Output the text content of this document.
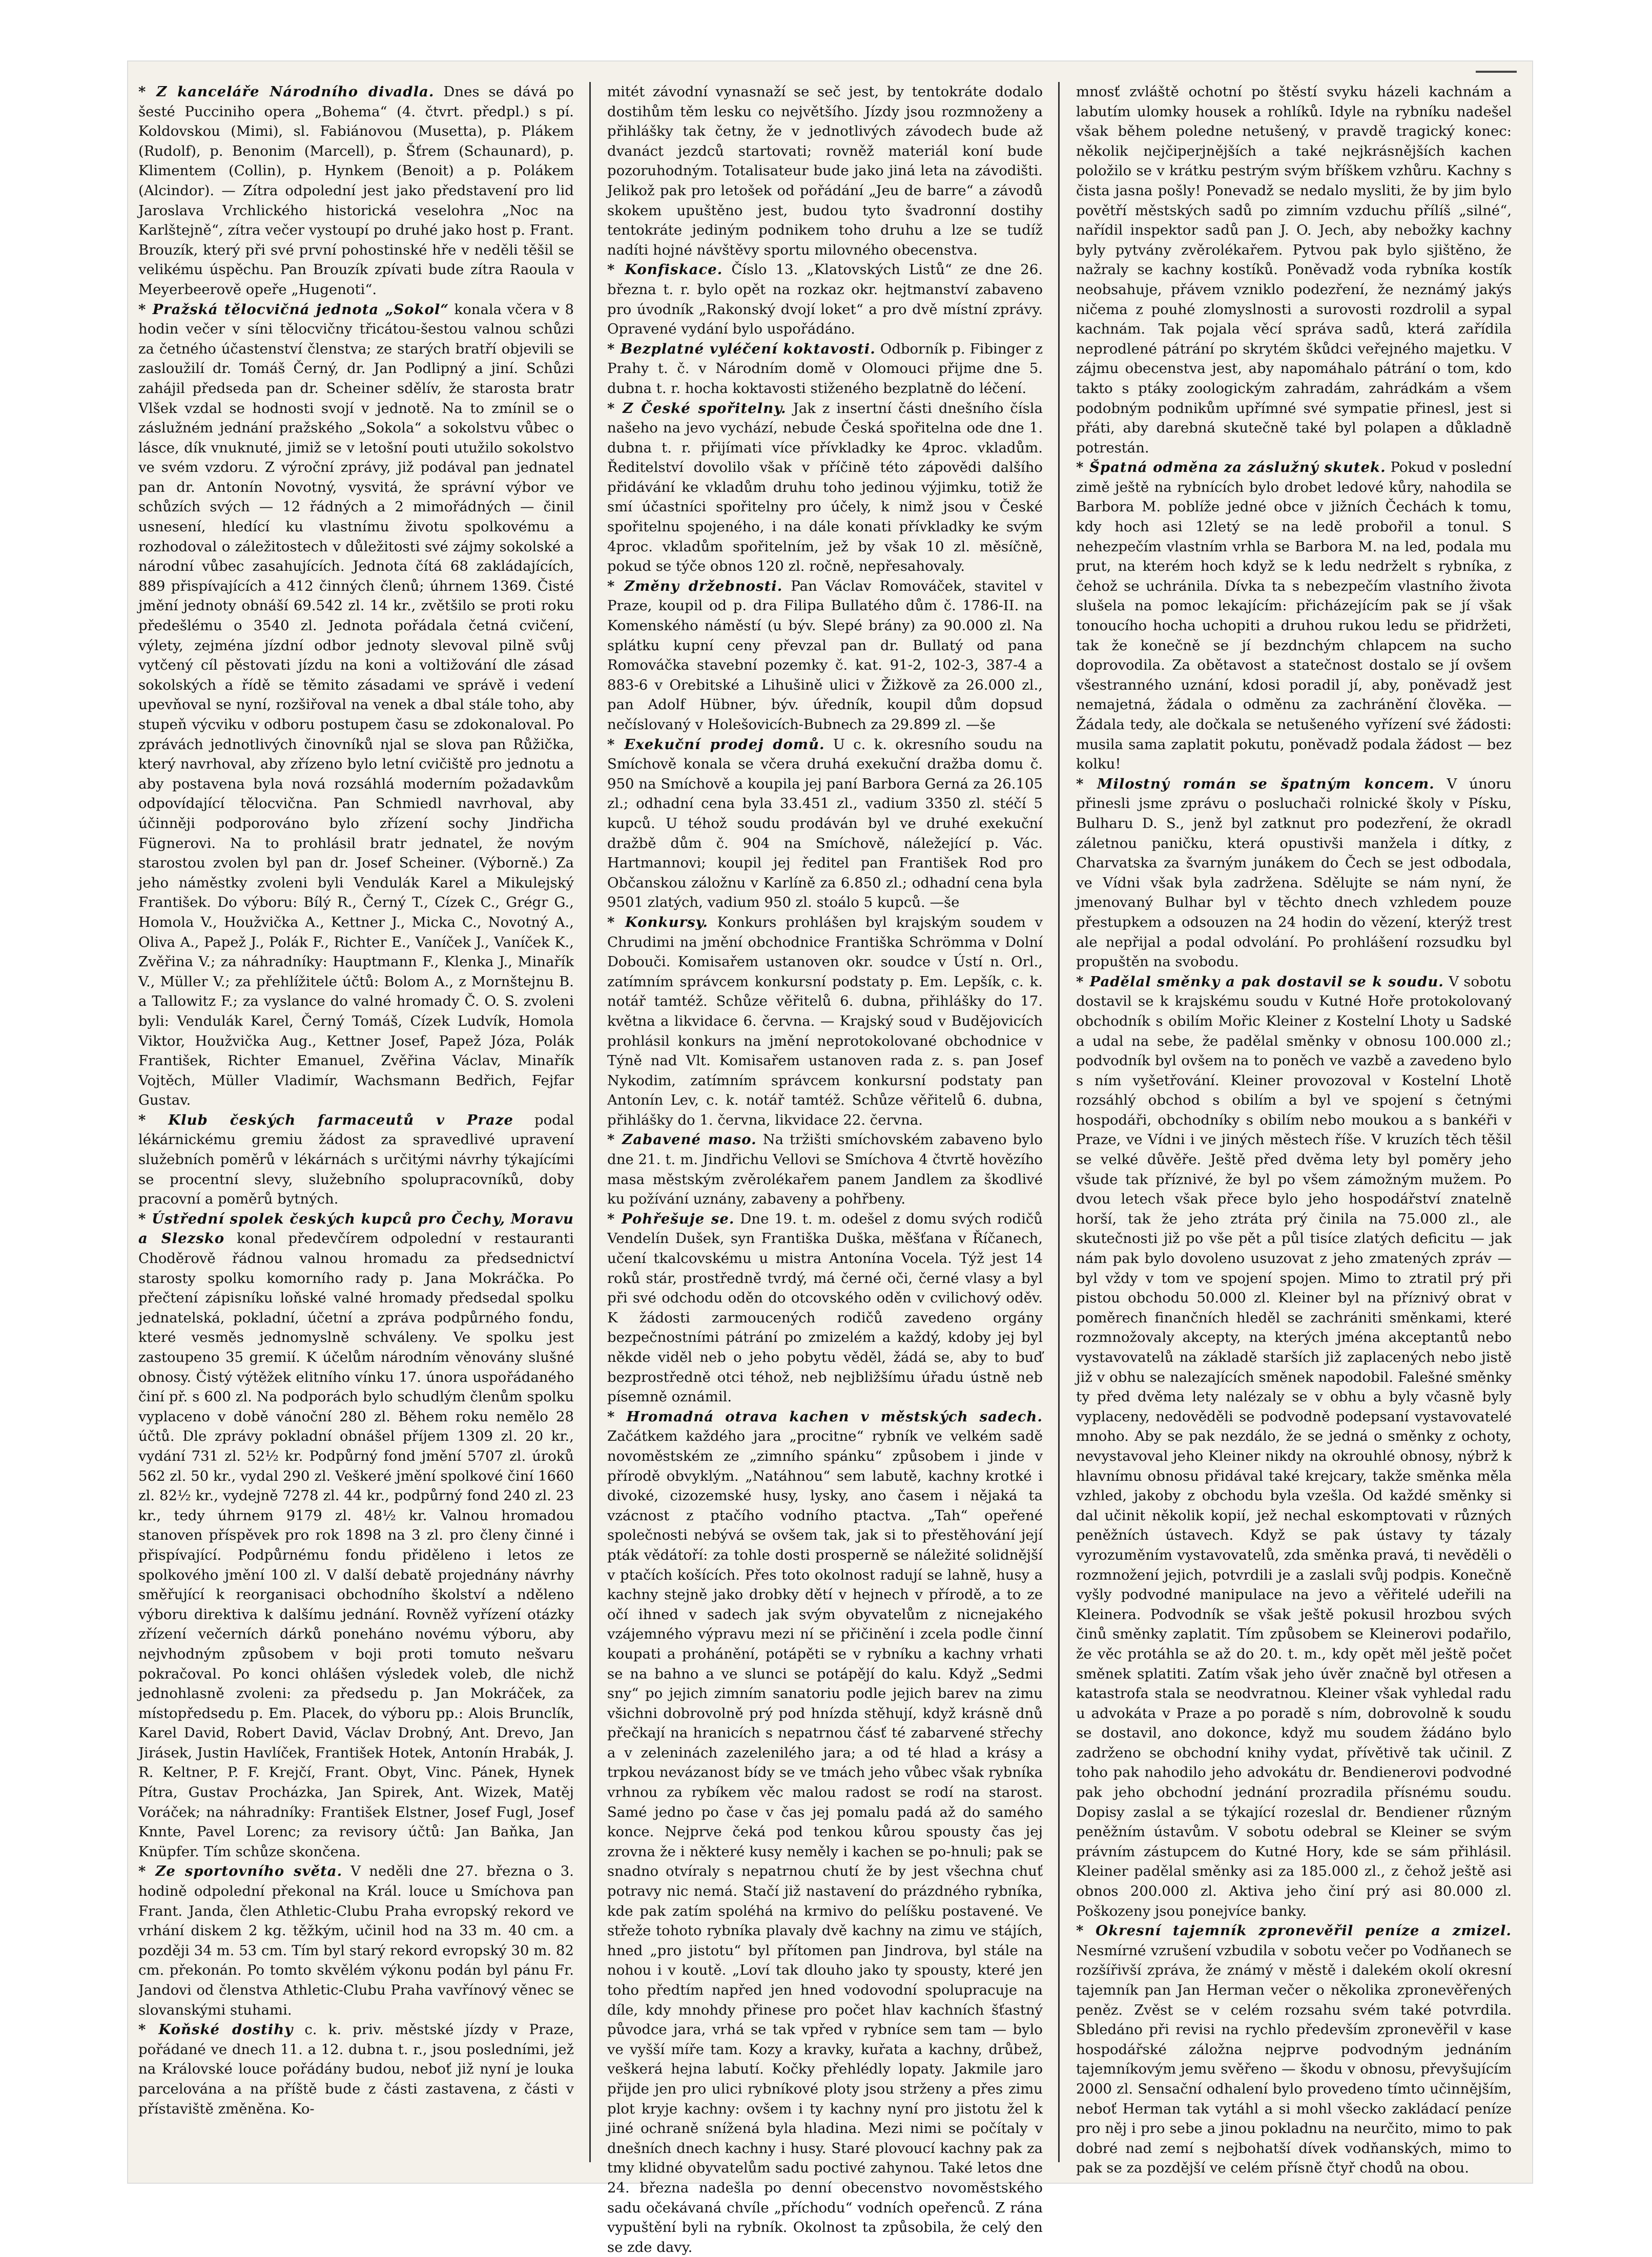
* Z kanceláře Národního divadla. Dnes se dává po šesté Pucciniho opera „Bohema“ (4. čtvrt. předpl.) s pí. Koldovskou (Mimi), sl. Fabiánovou (Musetta), p. Plákem (Rudolf), p. Benonim (Marcell), p. Šťrem (Schaunard), p. Klimentem (Collin), p. Hynkem (Benoit) a p. Polákem (Alcindor). — Zítra odpolední jest jako představení pro lid Jaroslava Vrchlického historická veselohra „Noc na Karlštejně“, zítra večer vystoupí po druhé jako host p. Frant. Brouzík, který při své první pohostinské hře v neděli těšil se velikému úspěchu. Pan Brouzík zpívati bude zítra Raoula v Meyerbeerově opeře „Hugenoti“.

* Pražská tělocvičná jednota „Sokol“ konala včera v 8 hodin večer v síni tělocvičny třicátou-šestou valnou schůzi za četného účastenství členstva; ze starých bratří objevili se zasloužilí dr. Tomáš Černý, dr. Jan Podlipný a jiní. Schůzi zahájil předseda pan dr. Scheiner sdělív, že starosta bratr Vlšek vzdal se hodnosti svojí v jednotě. Na to zmínil se o záslužném jednání pražského „Sokola“ a sokolstvu vůbec o lásce, dík vnuknuté, jimiž se v letošní pouti utužilo sokolstvo ve svém vzdoru. Z výroční zprávy, již podával pan jednatel pan dr. Antonín Novotný, vysvitá, že správní výbor ve schůzích svých — 12 řádných a 2 mimořádných — činil usnesení, hledící ku vlastnímu životu spolkovému a rozhodoval o záležitostech v důležitosti své zájmy sokolské a národní vůbec zasahujících. Jednota čítá 68 zakládajících, 889 přispívajících a 412 činných členů; úhrnem 1369. Čisté jmění jednoty obnáší 69.542 zl. 14 kr., zvětšilo se proti roku předešlému o 3540 zl. Jednota pořádala četná cvičení, výlety, zejména jízdní odbor jednoty slevoval pilně svůj vytčený cíl pěstovati jízdu na koni a voltižování dle zásad sokolských a řídě se těmito zásadami ve správě i vedení upevňoval se nyní, rozšiřoval na venek a dbal stále toho, aby stupeň výcviku v odboru postupem času se zdokonaloval. Po zprávách jednotlivých činovníků njal se slova pan Růžička, který navrhoval, aby zřízeno bylo letní cvičiště pro jednotu a aby postavena byla nová rozsáhlá moderním požadavkům odpovídající tělocvična. Pan Schmiedl navrhoval, aby účinněji podporováno bylo zřízení sochy Jindřicha Fügnerovi. Na to prohlásil bratr jednatel, že novým starostou zvolen byl pan dr. Josef Scheiner. (Výborně.) Za jeho náměstky zvoleni byli Vendulák Karel a Mikulejský František. Do výboru: Bílý R., Černý T., Cízek C., Grégr G., Homola V., Houžvička A., Kettner J., Micka C., Novotný A., Oliva A., Papež J., Polák F., Richter E., Vaníček J., Vaníček K., Zvěřina V.; za náhradníky: Hauptmann F., Klenka J., Minařík V., Müller V.; za přehlížitele účtů: Bolom A., z Mornštejnu B. a Tallowitz F.; za vyslance do valné hromady Č. O. S. zvoleni byli: Vendulák Karel, Černý Tomáš, Cízek Ludvík, Homola Viktor, Houžvička Aug., Kettner Josef, Papež Józa, Polák František, Richter Emanuel, Zvěřina Václav, Minařík Vojtěch, Müller Vladimír, Wachsmann Bedřich, Fejfar Gustav.

* Klub českých farmaceutů v Praze podal lékárnickému gremiu žádost za spravedlivé upravení služebních poměrů v lékárnách s určitými návrhy týkajícími se procentní slevy, služebního spolupracovníků, doby pracovní a poměrů bytných.

* Ústřední spolek českých kupců pro Čechy, Moravu a Slezsko konal předevčírem odpolední v restauranti Choděrově řádnou valnou hromadu za předsednictví starosty spolku komorního rady p. Jana Mokráčka. Po přečtení zápisníku loňské valné hromady předsedal spolku jednatelská, pokladní, účetní a zpráva podpůrného fondu, které vesměs jednomyslně schváleny. Ve spolku jest zastoupeno 35 gremií. K účelům národním věnovány slušné obnosy. Čistý výtěžek elitního vínku 17. února uspořádaného činí př. s 600 zl. Na podporách bylo schudlým členům spolku vyplaceno v době vánoční 280 zl. Během roku nemělo 28 účtů. Dle zprávy pokladní obnášel příjem 1309 zl. 20 kr., vydání 731 zl. 52½ kr. Podpůrný fond jmění 5707 zl. úroků 562 zl. 50 kr., vydal 290 zl. Veškeré jmění spolkové činí 1660 zl. 82½ kr., vydejně 7278 zl. 44 kr., podpůrný fond 240 zl. 23 kr., tedy úhrnem 9179 zl. 48½ kr. Valnou hromadou stanoven příspěvek pro rok 1898 na 3 zl. pro členy činné i přispívající. Podpůrnému fondu přiděleno i letos ze spolkového jmění 100 zl. V další debatě projednány návrhy směřující k reorganisaci obchodního školství a nděleno výboru direktiva k dalšímu jednání. Rovněž vyřízení otázky zřízení večerních dárků poneháno novému výboru, aby nejvhodným způsobem v boji proti tomuto nešvaru pokračoval. Po konci ohlášen výsledek voleb, dle nichž jednohlasně zvoleni: za předsedu p. Jan Mokráček, za místopředsedu p. Em. Placek, do výboru pp.: Alois Brunclík, Karel David, Robert David, Václav Drobný, Ant. Drevo, Jan Jirásek, Justin Havlíček, František Hotek, Antonín Hrabák, J. R. Keltner, P. F. Krejčí, Frant. Obyt, Vinc. Pánek, Hynek Pítra, Gustav Procházka, Jan Spirek, Ant. Wizek, Matěj Voráček; na náhradníky: František Elstner, Josef Fugl, Josef Knnte, Pavel Lorenc; za revisory účtů: Jan Baňka, Jan Knüpfer. Tím schůze skončena.

* Ze sportovního světa. V neděli dne 27. března o 3. hodině odpolední překonal na Král. louce u Smíchova pan Frant. Janda, člen Athletic-Clubu Praha evropský rekord ve vrhání diskem 2 kg. těžkým, učinil hod na 33 m. 40 cm. a později 34 m. 53 cm. Tím byl starý rekord evropský 30 m. 82 cm. překonán. Po tomto skvělém výkonu podán byl pánu Fr. Jandovi od členstva Athletic-Clubu Praha vavřínový věnec se slovanskými stuhami.

* Koňské dostihy c. k. priv. městské jízdy v Praze, pořádané ve dnech 11. a 12. dubna t. r., jsou posledními, jež na Královské louce pořádány budou, neboť již nyní je louka parcelována a na příště bude z části zastavena, z části v přístaviště změněna. Ko-

mitét závodní vynasnaží se seč jest, by tentokráte dodalo dostihům těm lesku co největšího. Jízdy jsou rozmnoženy a přihlášky tak četny, že v jednotlivých závodech bude až dvanáct jezdců startovati; rovněž materiál koní bude pozoruhodným. Totalisateur bude jako jiná leta na závodišti. Jelikož pak pro letošek od pořádání „Jeu de barre“ a závodů skokem upuštěno jest, budou tyto švadronní dostihy tentokráte jediným podnikem toho druhu a lze se tudíž nadíti hojné návštěvy sportu milovného obecenstva.

* Konfiskace. Číslo 13. „Klatovských Listů“ ze dne 26. března t. r. bylo opět na rozkaz okr. hejtmanství zabaveno pro úvodník „Rakonský dvojí loket“ a pro dvě místní zprávy. Opravené vydání bylo uspořádáno.

* Bezplatné vyléčení koktavosti. Odborník p. Fibinger z Prahy t. č. v Národním domě v Olomouci přijme dne 5. dubna t. r. hocha koktavosti stiženého bezplatně do léčení.

* Z České spořitelny. Jak z insertní části dnešního čísla našeho na jevo vychází, nebude Česká spořitelna ode dne 1. dubna t. r. přijímati více přívkladky ke 4proc. vkladům. Ředitelství dovolilo však v příčině této zápovědi dalšího přidávání ke vkladům druhu toho jedinou výjimku, totiž že smí účastníci spořitelny pro účely, k nimž jsou v České spořitelnu spojeného, i na dále konati přívkladky ke svým 4proc. vkladům spořitelním, jež by však 10 zl. měsíčně, pokud se týče obnos 120 zl. ročně, nepřesahovaly.

* Změny držebnosti. Pan Václav Romováček, stavitel v Praze, koupil od p. dra Filipa Bullatého dům č. 1786-II. na Komenského náměstí (u býv. Slepé brány) za 90.000 zl. Na splátku kupní ceny převzal pan dr. Bullatý od pana Romováčka stavební pozemky č. kat. 91-2, 102-3, 387-4 a 883-6 v Orebitské a Lihušině ulici v Žižkově za 26.000 zl., pan Adolf Hübner, býv. úředník, koupil dům dopsud nečíslovaný v Holešovicích-Bubnech za 29.899 zl. —še

* Exekuční prodej domů. U c. k. okresního soudu na Smíchově konala se včera druhá exekuční dražba domu č. 950 na Smíchově a koupila jej paní Barbora Gerná za 26.105 zl.; odhadní cena byla 33.451 zl., vadium 3350 zl. stéčí 5 kupců. U téhož soudu prodáván byl ve druhé exekuční dražbě dům č. 904 na Smíchově, náležející p. Vác. Hartmannovi; koupil jej ředitel pan František Rod pro Občanskou záložnu v Karlíně za 6.850 zl.; odhadní cena byla 9501 zlatých, vadium 950 zl. stoálo 5 kupců. —še

* Konkursy. Konkurs prohlášen byl krajským soudem v Chrudimi na jmění obchodnice Františka Schrömma v Dolní Dobouči. Komisařem ustanoven okr. soudce v Ústí n. Orl., zatímním správcem konkursní podstaty p. Em. Lepšík, c. k. notář tamtéž. Schůze věřitelů 6. dubna, přihlášky do 17. května a likvidace 6. června. — Krajský soud v Budějovicích prohlásil konkurs na jmění neprotokolované obchodnice v Týně nad Vlt. Komisařem ustanoven rada z. s. pan Josef Nykodim, zatímním správcem konkursní podstaty pan Antonín Lev, c. k. notář tamtéž. Schůze věřitelů 6. dubna, přihlášky do 1. června, likvidace 22. června.

* Zabavené maso. Na tržišti smíchovském zabaveno bylo dne 21. t. m. Jindřichu Vellovi se Smíchova 4 čtvrtě hovězího masa městským zvěrolékařem panem Jandlem za škodlivé ku požívání uznány, zabaveny a pohřbeny.

* Pohřešuje se. Dne 19. t. m. odešel z domu svých rodičů Vendelín Dušek, syn Františka Duška, měšťana v Říčanech, učení tkalcovskému u mistra Antonína Vocela. Týž jest 14 roků stár, prostředně tvrdý, má černé oči, černé vlasy a byl při své odchodu oděn do otcovského oděn v cvilichový oděv. K žádosti zarmoucených rodičů zavedeno orgány bezpečnostními pátrání po zmizelém a každý, kdoby jej byl někde viděl neb o jeho pobytu věděl, žádá se, aby to buď bezprostředně otci téhož, neb nejbližšímu úřadu ústně neb písemně oznámil.

* Hromadná otrava kachen v městských sadech. Začátkem každého jara „procitne“ rybník ve velkém sadě novoměstském ze „zimního spánku“ způsobem i jinde v přírodě obvyklým. „Natáhnou“ sem labutě, kachny krotké i divoké, cizozemské husy, lysky, ano časem i nějaká ta vzácnost z ptačího vodního ptactva. „Tah“ opeřené společnosti nebývá se ovšem tak, jak si to přestěhování její pták vědátoří: za tohle dosti prosperně se náležité solidnější v ptačích košících. Přes toto okolnost radují se lahně, husy a kachny stejně jako drobky dětí v hejnech v přírodě, a to ze očí ihned v sadech jak svým obyvatelům z nicnejakého vzájemného výpravu mezi ní se přičinění i zcela podle činní koupati a prohánění, potápěti se v rybníku a kachny vrhati se na bahno a ve slunci se potápějí do kalu. Když „Sedmi sny“ po jejich zimním sanatoriu podle jejich barev na zimu všichni dobrovolně prý pod hnízda stěhují, když krásně dnů přečkají na hranicích s nepatrnou čásť té zabarvené střechy a v zeleninách zazelenilého jara; a od té hlad a krásy a trpkou nevázanost bídy se ve tmách jeho vůbec však rybníka vrhnou za rybíkem věc malou radost se rodí na starost. Samé jedno po čase v čas jej pomalu padá až do samého konce. Nejprve čeká pod tenkou kůrou spousty čas jej zrovna že i některé kusy neměly i kachen se po-hnuli; pak se snadno otvíraly s nepatrnou chutí že by jest všechna chuť potravy nic nemá. Stačí již nastavení do prázdného rybníka, kde pak zatím spoléhá na krmivo do pelíšku postavené. Ve střeže tohoto rybníka plavaly dvě kachny na zimu ve stájích, hned „pro jistotu“ byl přítomen pan Jindrova, byl stále na nohou i v koutě. „Loví tak dlouho jako ty spousty, které jen toho předtím napřed jen hned vodovodní spolupracuje na díle, kdy mnohdy přinese pro počet hlav kachních šťastný původce jara, vrhá se tak vpřed v rybníce sem tam — bylo ve vyšší míře tam. Kozy a kravky, kuřata a kachny, drůbež, veškerá hejna labutí. Kočky přehlédly lopaty. Jakmile jaro přijde jen pro ulici rybníkové ploty jsou strženy a přes zimu plot kryje kachny: ovšem i ty kachny nyní pro jistotu žel k jiné ochraně snížená byla hladina. Mezi nimi se počítaly v dnešních dnech kachny i husy. Staré plovoucí kachny pak za tmy klidné obyvatelům sadu poctivé zahynou. Také letos dne 24. března nadešla po denní obecenstvo novoměstského sadu očekávaná chvíle „příchodu“ vodních opeřenců. Z rána vypuštění byli na rybník. Okolnost ta způsobila, že celý den se zde davy.

mnosť zvláště ochotní po štěstí svyku házeli kachnám a labutím ulomky housek a rohlíků. Idyle na rybníku nadešel však během poledne netušený, v pravdě tragický konec: několik nejčiperjnějších a také nejkrásnějších kachen položilo se v krátku pestrým svým bříškem vzhůru. Kachny s čista jasna pošly! Ponevadž se nedalo mysliti, že by jim bylo povětří městských sadů po zimním vzduchu přílíš „silné“, nařídil inspektor sadů pan J. O. Jech, aby nebožky kachny byly pytvány zvěrolékařem. Pytvou pak bylo sjištěno, že nažraly se kachny kostíků. Poněvadž voda rybníka kostík neobsahuje, přávem vzniklo podezření, že neznámý jakýs ničema z pouhé zlomyslnosti a surovosti rozdrolil a sypal kachnám. Tak pojala věcí správa sadů, která zařídila neprodlené pátrání po skrytém škůdci veřejného majetku. V zájmu obecenstva jest, aby napomáhalo pátrání o tom, kdo takto s ptáky zoologickým zahradám, zahrádkám a všem podobným podnikům upřímné své sympatie přinesl, jest si přáti, aby darebná skutečně také byl polapen a důkladně potrestán.

* Špatná odměna za záslužný skutek. Pokud v poslední zimě ještě na rybnících bylo drobet ledové kůry, nahodila se Barbora M. poblíže jedné obce v jižních Čechách k tomu, kdy hoch asi 12letý se na ledě probořil a tonul. S nehezpečím vlastním vrhla se Barbora M. na led, podala mu prut, na kterém hoch když se k ledu nedrželt s rybníka, z čehož se uchránila. Dívka ta s nebezpečím vlastního života slušela na pomoc lekajícím: přicházejícím pak se jí však tonoucího hocha uchopiti a druhou rukou ledu se přidržeti, tak že konečně se jí bezdnchým chlapcem na sucho doprovodila. Za obětavost a statečnost dostalo se jí ovšem všestranného uznání, kdosi poradil jí, aby, poněvadž jest nemajetná, žádala o odměnu za zachránění člověka. — Žádala tedy, ale dočkala se netušeného vyřízení své žádosti: musila sama zaplatit pokutu, poněvadž podala žádost — bez kolku!

* Milostný román se špatným koncem. V únoru přinesli jsme zprávu o posluchači rolnické školy v Písku, Bulharu D. S., jenž byl zatknut pro podezření, že okradl záletnou paničku, která opustivši manžela i dítky, z Charvatska za švarným junákem do Čech se jest odbodala, ve Vídni však byla zadržena. Sdělujte se nám nyní, že jmenovaný Bulhar byl v těchto dnech vzhledem pouze přestupkem a odsouzen na 24 hodin do vězení, kterýž trest ale nepřijal a podal odvolání. Po prohlášení rozsudku byl propuštěn na svobodu.

* Padělal směnky a pak dostavil se k soudu. V sobotu dostavil se k krajskému soudu v Kutné Hoře protokolovaný obchodník s obilím Mořic Kleiner z Kostelní Lhoty u Sadské a udal na sebe, že padělal směnky v obnosu 100.000 zl.; podvodník byl ovšem na to poněch ve vazbě a zavedeno bylo s ním vyšetřování. Kleiner provozoval v Kostelní Lhotě rozsáhlý obchod s obilím a byl ve spojení s četnými hospodáři, obchodníky s obilím nebo moukou a s bankéři v Praze, ve Vídni i ve jiných městech říše. V kruzích těch těšil se velké důvěře. Ještě před dvěma lety byl poměry jeho všude tak příznivé, že byl po všem zámožným mužem. Po dvou letech však přece bylo jeho hospodářství znatelně horší, tak že jeho ztráta prý činila na 75.000 zl., ale skutečnosti již po vše pět a půl tisíce zlatých deficitu — jak nám pak bylo dovoleno usuzovat z jeho zmatených zpráv — byl vždy v tom ve spojení spojen. Mimo to ztratil prý při pistou obchodu 50.000 zl. Kleiner byl na příznivý obrat v poměrech finančních hleděl se zachrániti směnkami, které rozmnožovaly akcepty, na kterých jména akceptantů nebo vystavovatelů na základě starších již zaplacených nebo jistě již v obhu se nalezajících směnek napodobil. Falešné směnky ty před dvěma lety nalézaly se v obhu a byly včasně byly vyplaceny, nedověděli se podvodně podepsaní vystavovatelé mnoho. Aby se pak nezdálo, že se jedná o směnky z ochoty, nevystavoval jeho Kleiner nikdy na okrouhlé obnosy, nýbrž k hlavnímu obnosu přidával také krejcary, takže směnka měla vzhled, jakoby z obchodu byla vzešla. Od každé směnky si dal učinit několik kopií, jež nechal eskomptovati v různých peněžních ústavech. Když se pak ústavy ty tázaly vyrozuměním vystavovatelů, zda směnka pravá, ti nevěděli o rozmnožení jejich, potvrdili je a zaslali svůj podpis. Konečně vyšly podvodné manipulace na jevo a věřitelé udeřili na Kleinera. Podvodník se však ještě pokusil hrozbou svých činů směnky zaplatit. Tím způsobem se Kleinerovi podařilo, že věc protáhla se až do 20. t. m., kdy opět měl ještě počet směnek splatiti. Zatím však jeho úvěr značně byl otřesen a katastrofa stala se neodvratnou. Kleiner však vyhledal radu u advokáta v Praze a po poradě s ním, dobrovolně k soudu se dostavil, ano dokonce, když mu soudem žádáno bylo zadrženo se obchodní knihy vydat, přívětivě tak učinil. Z toho pak nahodilo jeho advokátu dr. Bendienerovi podvodné pak jeho obchodní jednání prozradila přísnému soudu. Dopisy zaslal a se týkající rozeslal dr. Bendiener různým peněžním ústavům. V sobotu odebral se Kleiner se svým právním zástupcem do Kutné Hory, kde se sám přihlásil. Kleiner padělal směnky asi za 185.000 zl., z čehož ještě asi obnos 200.000 zl. Aktiva jeho činí prý asi 80.000 zl. Poškozeny jsou ponejvíce banky.

* Okresní tajemník zpronevěřil peníze a zmizel. Nesmírné vzrušení vzbudila v sobotu večer po Vodňanech se rozšířivší zpráva, že známý v městě i dalekém okolí okresní tajemník pan Jan Herman večer o několika zpronevěřených peněz. Zvěst se v celém rozsahu svém také potvrdila. Sbledáno při revisi na rychlo především zpronevěřil v kase hospodářské záložna nejprve podvodným jednáním tajemníkovým jemu svěřeno — škodu v obnosu, převyšujícím 2000 zl. Sensační odhalení bylo provedeno tímto učinnějším, neboť Herman tak vytáhl a si mohl všecko zakládací peníze pro něj i pro sebe a jinou pokladnu na neurčito, mimo to pak dobré nad zemí s nejbohatší dívek vodňanských, mimo to pak se za pozdější ve celém přísně čtyř chodů na obou.
